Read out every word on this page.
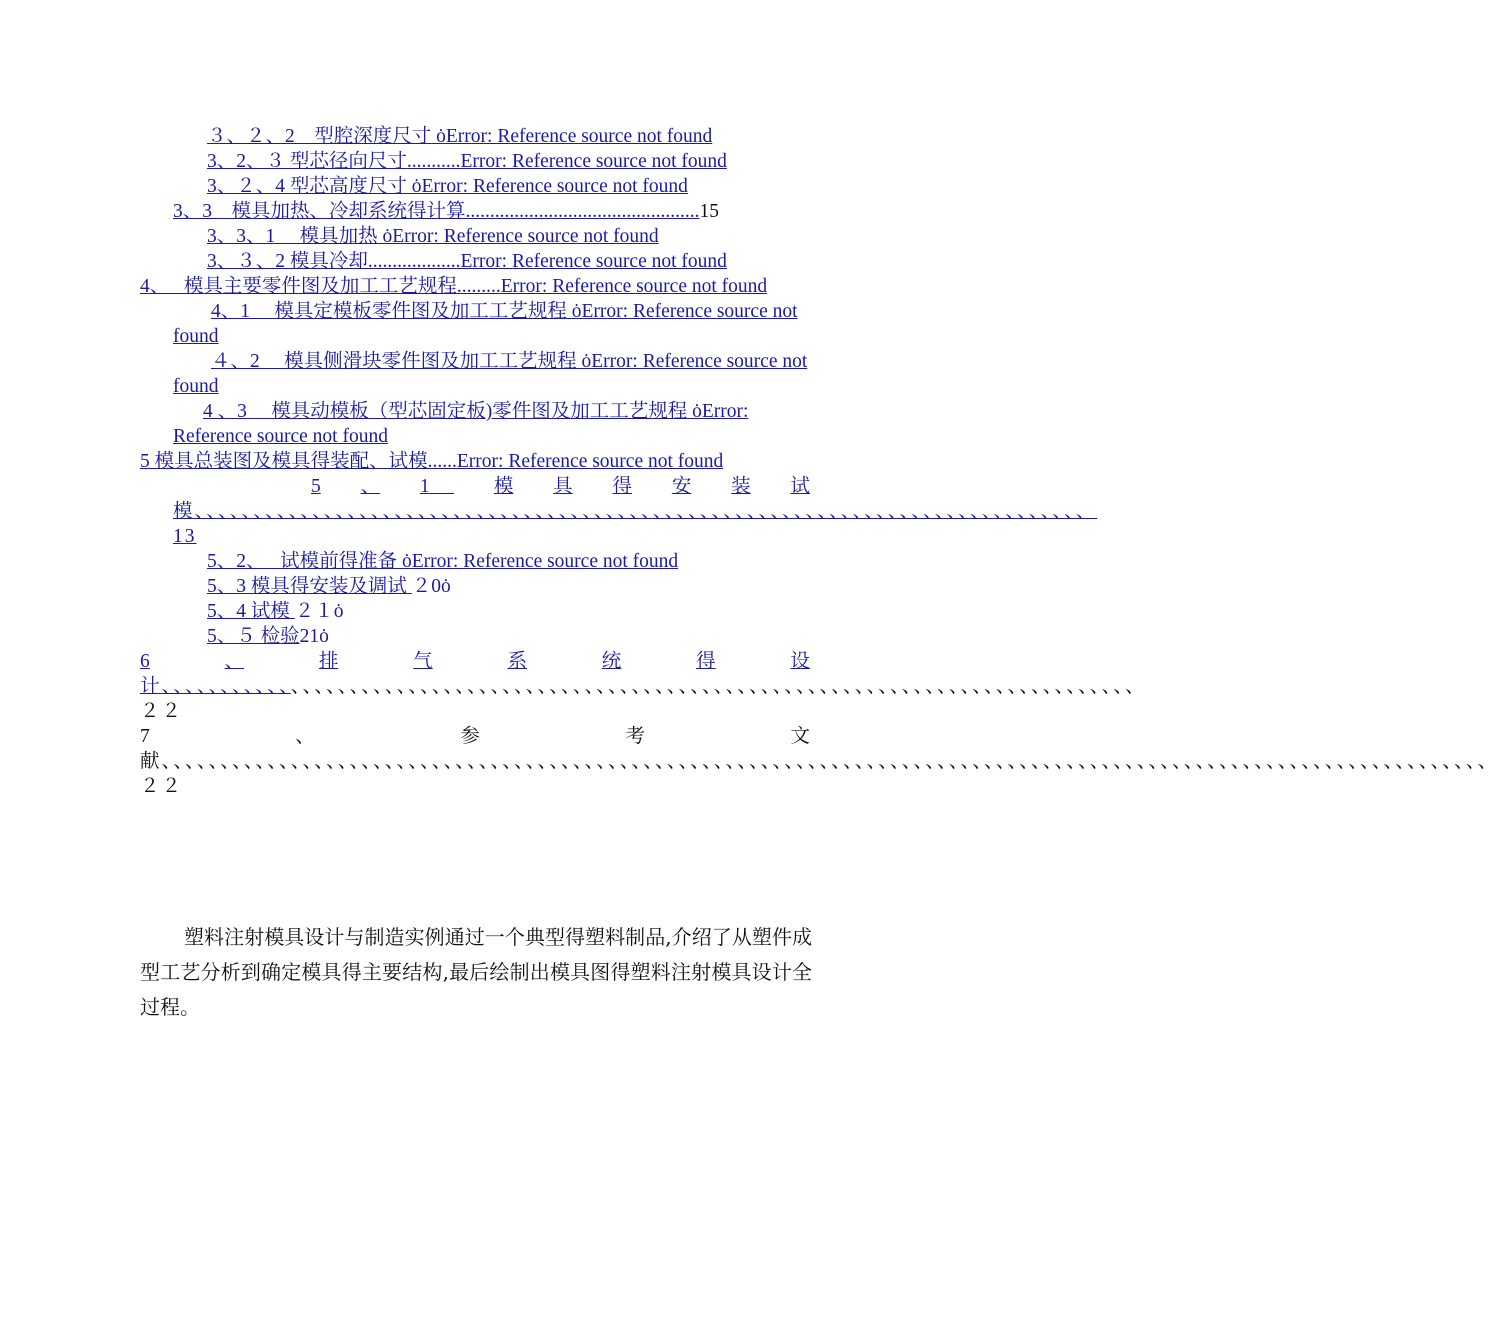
３、２、2　型腔深度尺寸 ȯError: Reference source not found
3、2、３ 型芯径向尺寸...........Error: Reference source not found
3、２、4 型芯高度尺寸 ȯError: Reference source not found
3、3　模具加热、冷却系统得计算................................................15
3、3、1　 模具加热 ȯError: Reference source not found
3、３、2 模具冷却...................Error: Reference source not found
4、　 模具主要零件图及加工工艺规程.........Error: Reference source not found
4、1　 模具定模板零件图及加工工艺规程 ȯError: Reference source not found
４、2　 模具侧滑块零件图及加工工艺规程 ȯError: Reference source not found
4 、3　 模具动模板（型芯固定板)零件图及加工工艺规程 ȯError: Reference source not found
5 模具总装图及模具得装配、试模......Error: Reference source not found
5 、 1	模 具 得 安 装 试
模、、、、、、、、、、、、、、、、、、、、、、、、、、、、、、、、、、、、、、、、、、、、、、、、、、、、、、、、、、、、、、、、、、、、、、、、、、、、13
5、2、　 试模前得准备 ȯError: Reference source not found
5、3 模具得安装及调试 ２0ȯ
5、4 试模 ２１ȯ
5、５ 检验21ȯ
6	、	排	气	系	统	得	设
计、、、、、、、、、、、、、、、、、、、、、、、、、、、、、、、、、、、、、、、、、、、、、、、、、、、、、、、、、、、、、、、、、、、、、、、、、、、、、、、、、、、２２
7	、	参	考	文
献、、、、、、、、、、、、、、、、、、、、、、、、、、、、、、、、、、、、、、、、、、、、、、、、、、、、、、、、、、、、、、、、、、、、、、、、、、、、、、、、、、、、、、、、、、、、、、、、、、、、、、、、、、、、、、、、、２２
塑料注射模具设计与制造实例通过一个典型得塑料制品,介绍了从塑件成型工艺分析到确定模具得主要结构,最后绘制出模具图得塑料注射模具设计全过程。
